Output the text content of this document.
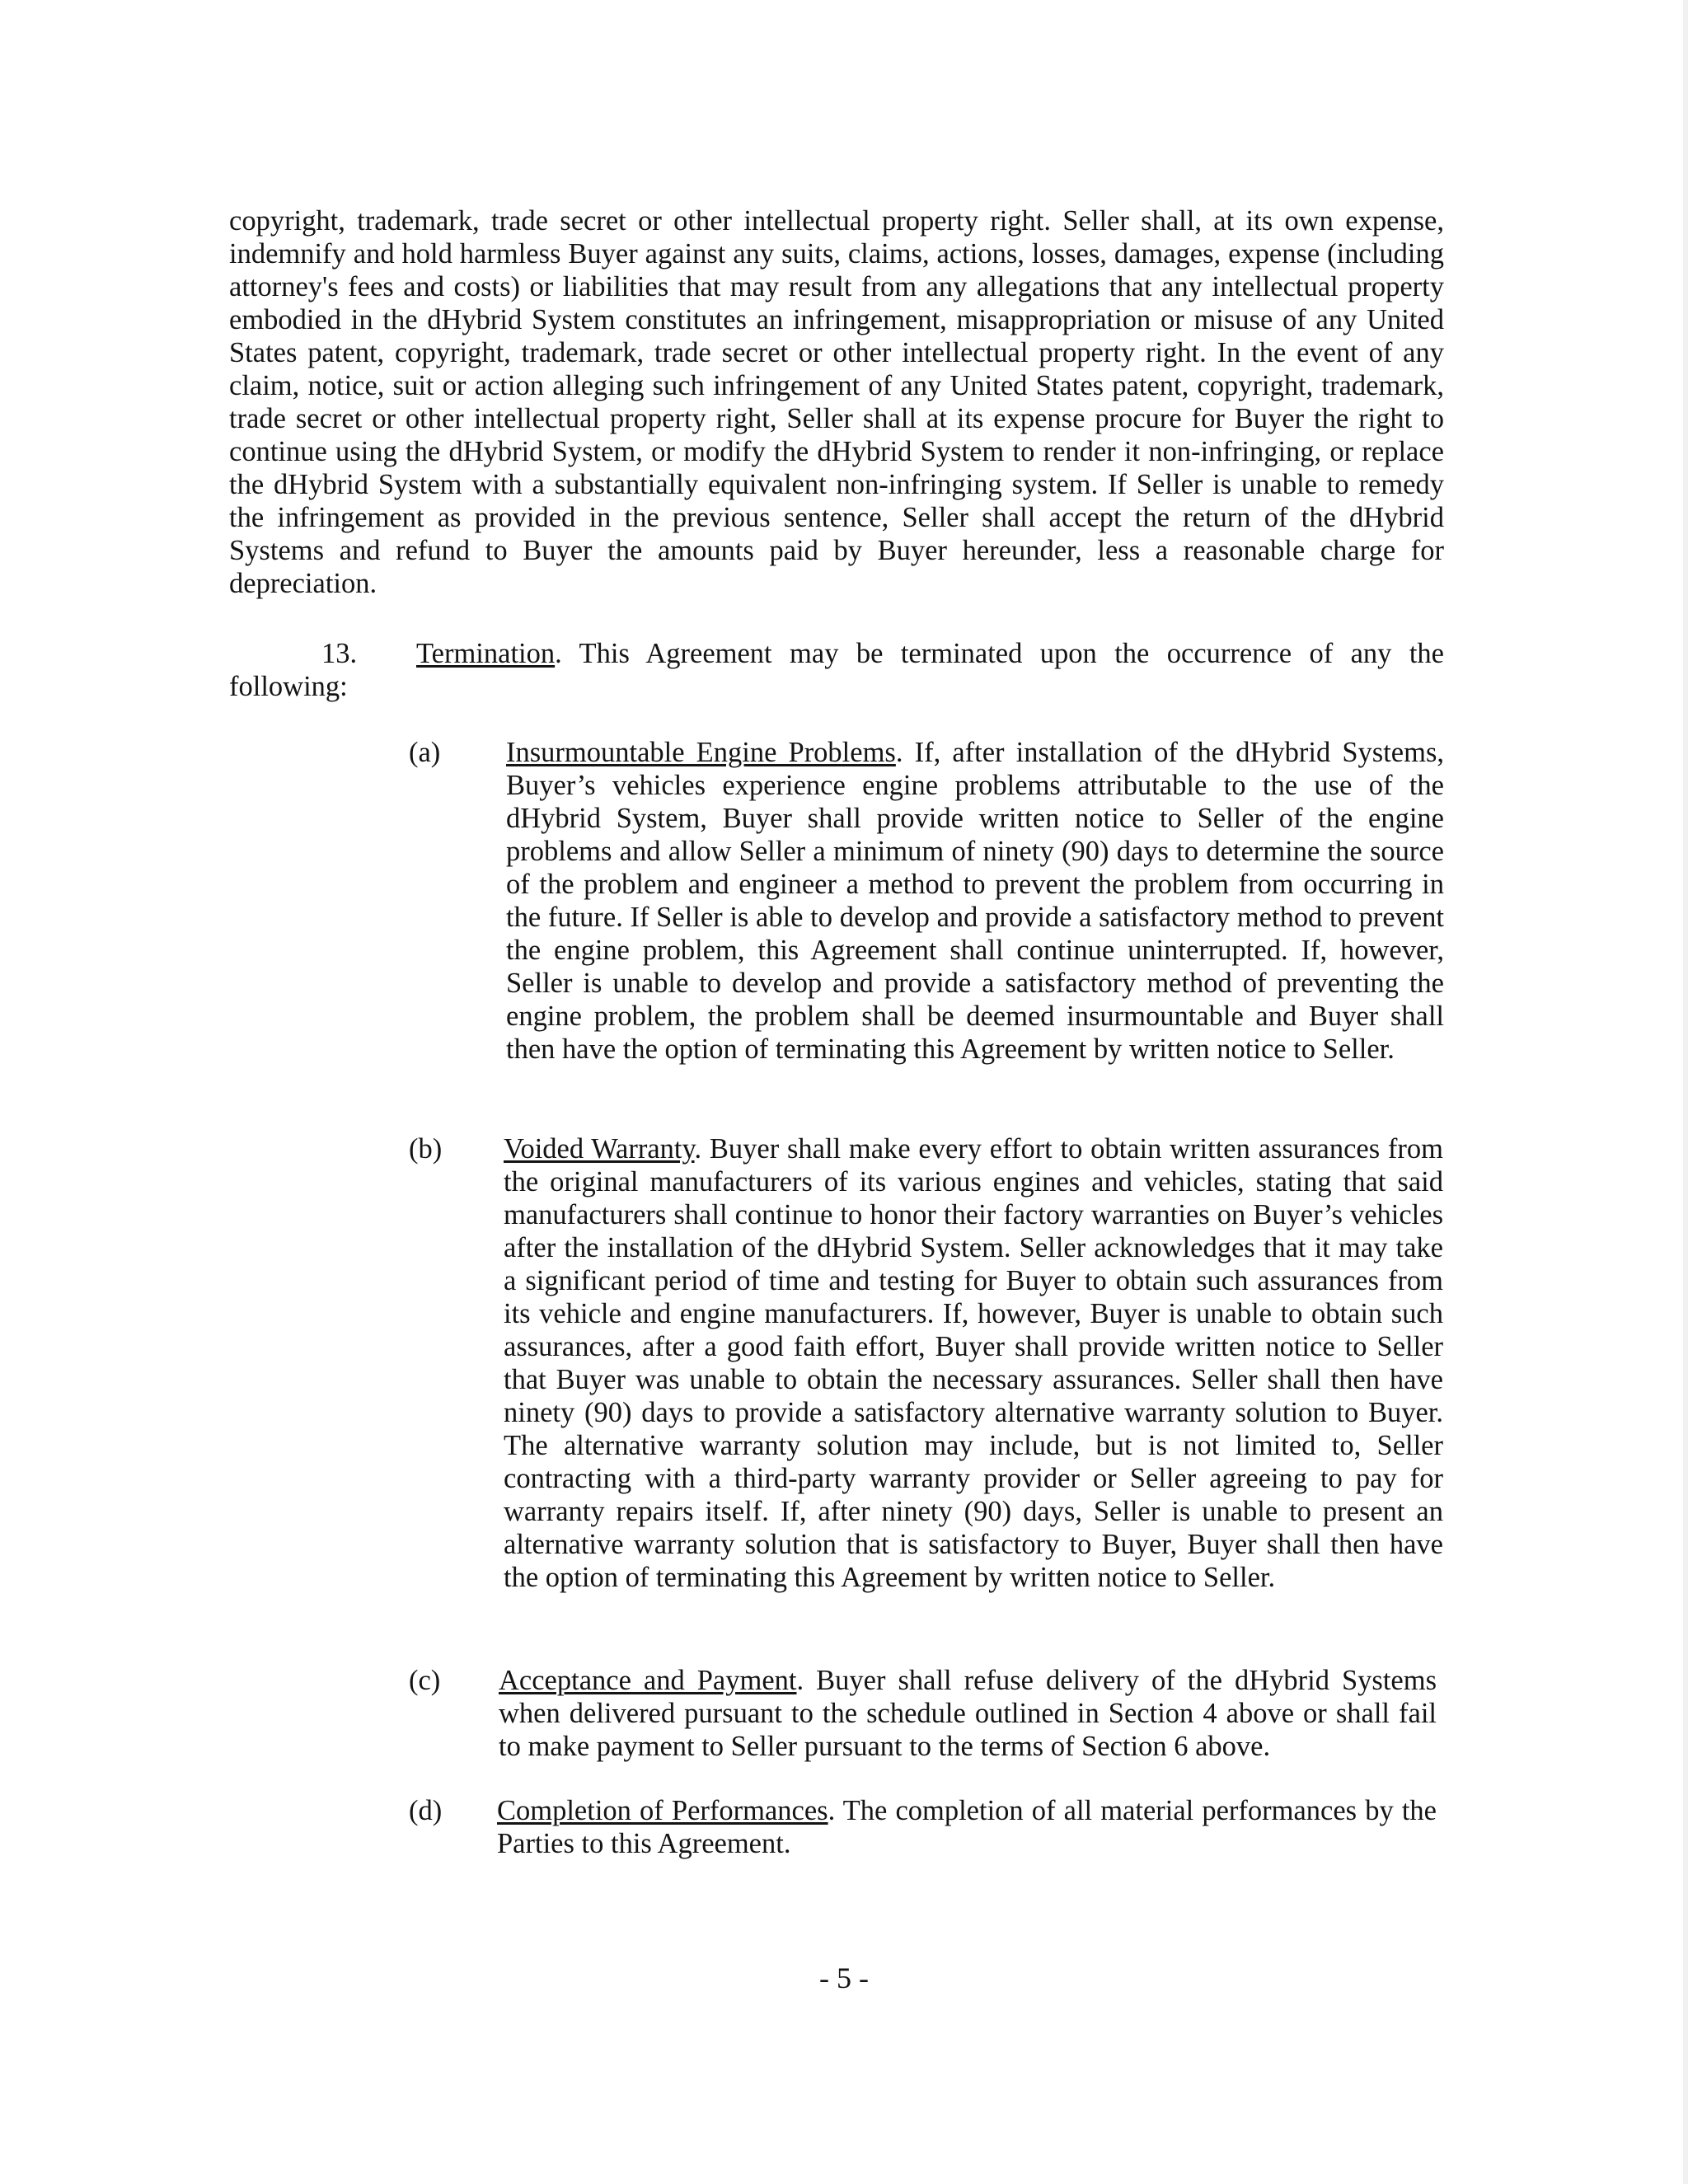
copyright, trademark, trade secret or other intellectual property right. Seller shall, at its own expense, indemnify and hold harmless Buyer against any suits, claims, actions, losses, damages, expense (including attorney's fees and costs) or liabilities that may result from any allegations that any intellectual property embodied in the dHybrid System constitutes an infringement, misappropriation or misuse of any United States patent, copyright, trademark, trade secret or other intellectual property right. In the event of any claim, notice, suit or action alleging such infringement of any United States patent, copyright, trademark, trade secret or other intellectual property right, Seller shall at its expense procure for Buyer the right to continue using the dHybrid System, or modify the dHybrid System to render it non-infringing, or replace the dHybrid System with a substantially equivalent non-infringing system. If Seller is unable to remedy the infringement as provided in the previous sentence, Seller shall accept the return of the dHybrid Systems and refund to Buyer the amounts paid by Buyer hereunder, less a reasonable charge for depreciation.

13. Termination. This Agreement may be terminated upon the occurrence of any the
following:
(a) Insurmountable Engine Problems. If, after installation of the dHybrid Systems, Buyer’s vehicles experience engine problems attributable to the use of the dHybrid System, Buyer shall provide written notice to Seller of the engine problems and allow Seller a minimum of ninety (90) days to determine the source of the problem and engineer a method to prevent the problem from occurring in the future. If Seller is able to develop and provide a satisfactory method to prevent the engine problem, this Agreement shall continue uninterrupted. If, however, Seller is unable to develop and provide a satisfactory method of preventing the engine problem, the problem shall be deemed insurmountable and Buyer shall then have the option of terminating this Agreement by written notice to Seller.

(b) Voided Warranty. Buyer shall make every effort to obtain written assurances from the original manufacturers of its various engines and vehicles, stating that said manufacturers shall continue to honor their factory warranties on Buyer’s vehicles after the installation of the dHybrid System. Seller acknowledges that it may take a significant period of time and testing for Buyer to obtain such assurances from its vehicle and engine manufacturers. If, however, Buyer is unable to obtain such assurances, after a good faith effort, Buyer shall provide written notice to Seller that Buyer was unable to obtain the necessary assurances. Seller shall then have ninety (90) days to provide a satisfactory alternative warranty solution to Buyer. The alternative warranty solution may include, but is not limited to, Seller contracting with a third-party warranty provider or Seller agreeing to pay for warranty repairs itself. If, after ninety (90) days, Seller is unable to present an alternative warranty solution that is satisfactory to Buyer, Buyer shall then have the option of terminating this Agreement by written notice to Seller.

(c) Acceptance and Payment. Buyer shall refuse delivery of the dHybrid Systems when delivered pursuant to the schedule outlined in Section 4 above or shall fail to make payment to Seller pursuant to the terms of Section 6 above.

(d) Completion of Performances. The completion of all material performances by the Parties to this Agreement.

- 5 -
